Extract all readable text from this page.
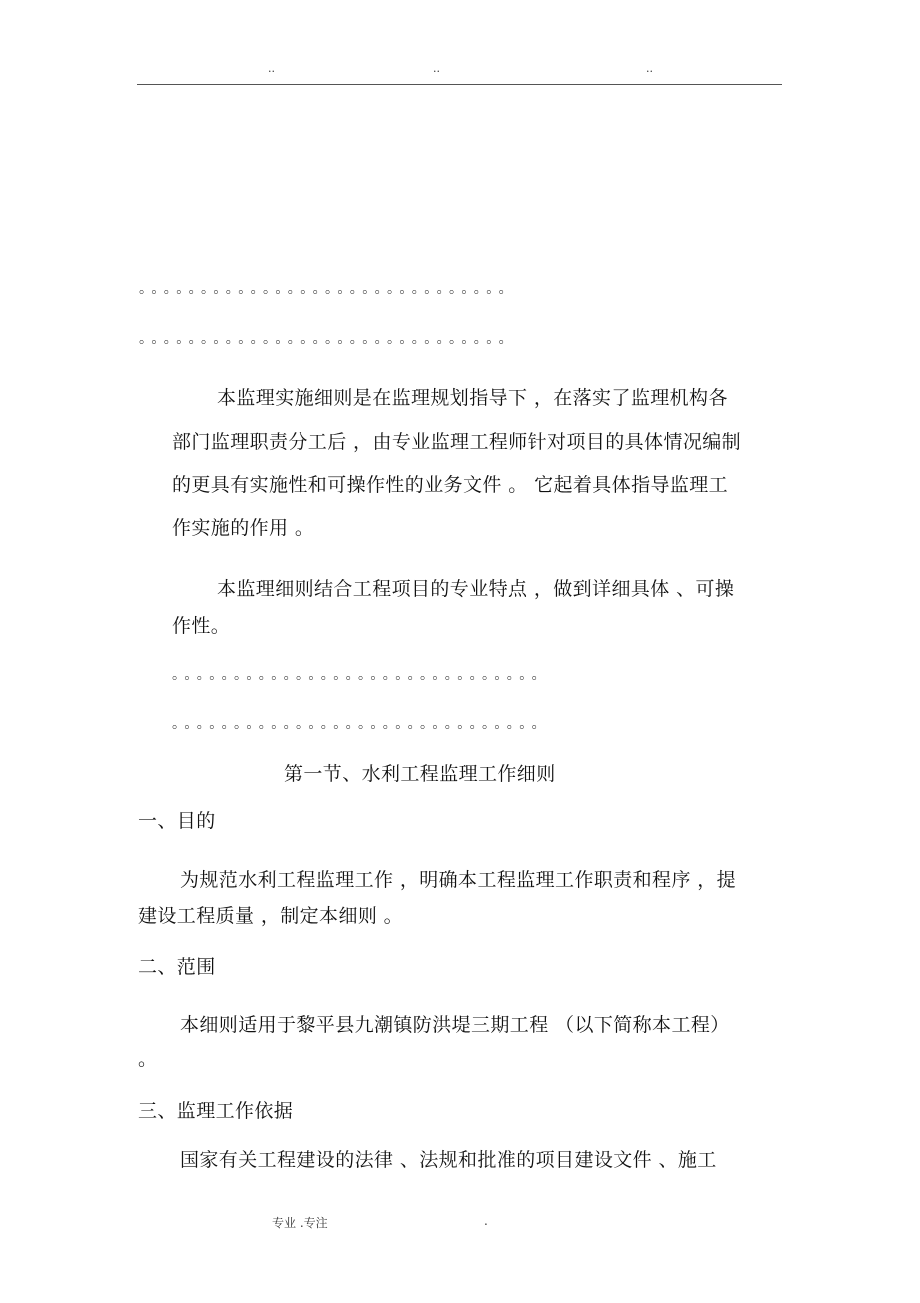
..	..	..
。。。。。。。。。。。。。。。。。。。。。。。。。。。。。。
。。。。。。。。。。。。。。。。。。。。。。。。。。。。。。
本监理实施细则是在监理规划指导下 ，在落实了监理机构各
部门监理职责分工后 ，由专业监理工程师针对项目的具体情况编制
的更具有实施性和可操作性的业务文件 。 它起着具体指导监理工
作实施的作用 。
本监理细则结合工程项目的专业特点 ，做到详细具体 、可操
作性。
。。。。。。。。。。。。。。。。。。。。。。。。。。。。。。
。。。。。。。。。。。。。。。。。。。。。。。。。。。。。。
第一节、水利工程监理工作细则
一、目的
为规范水利工程监理工作 ，明确本工程监理工作职责和程序 ，提
建设工程质量 ，制定本细则 。
二、范围
本细则适用于黎平县九潮镇防洪堤三期工程 （以下简称本工程）
。
三、监理工作依据
国家有关工程建设的法律 、法规和批准的项目建设文件 、施工
专业 .专注	.
